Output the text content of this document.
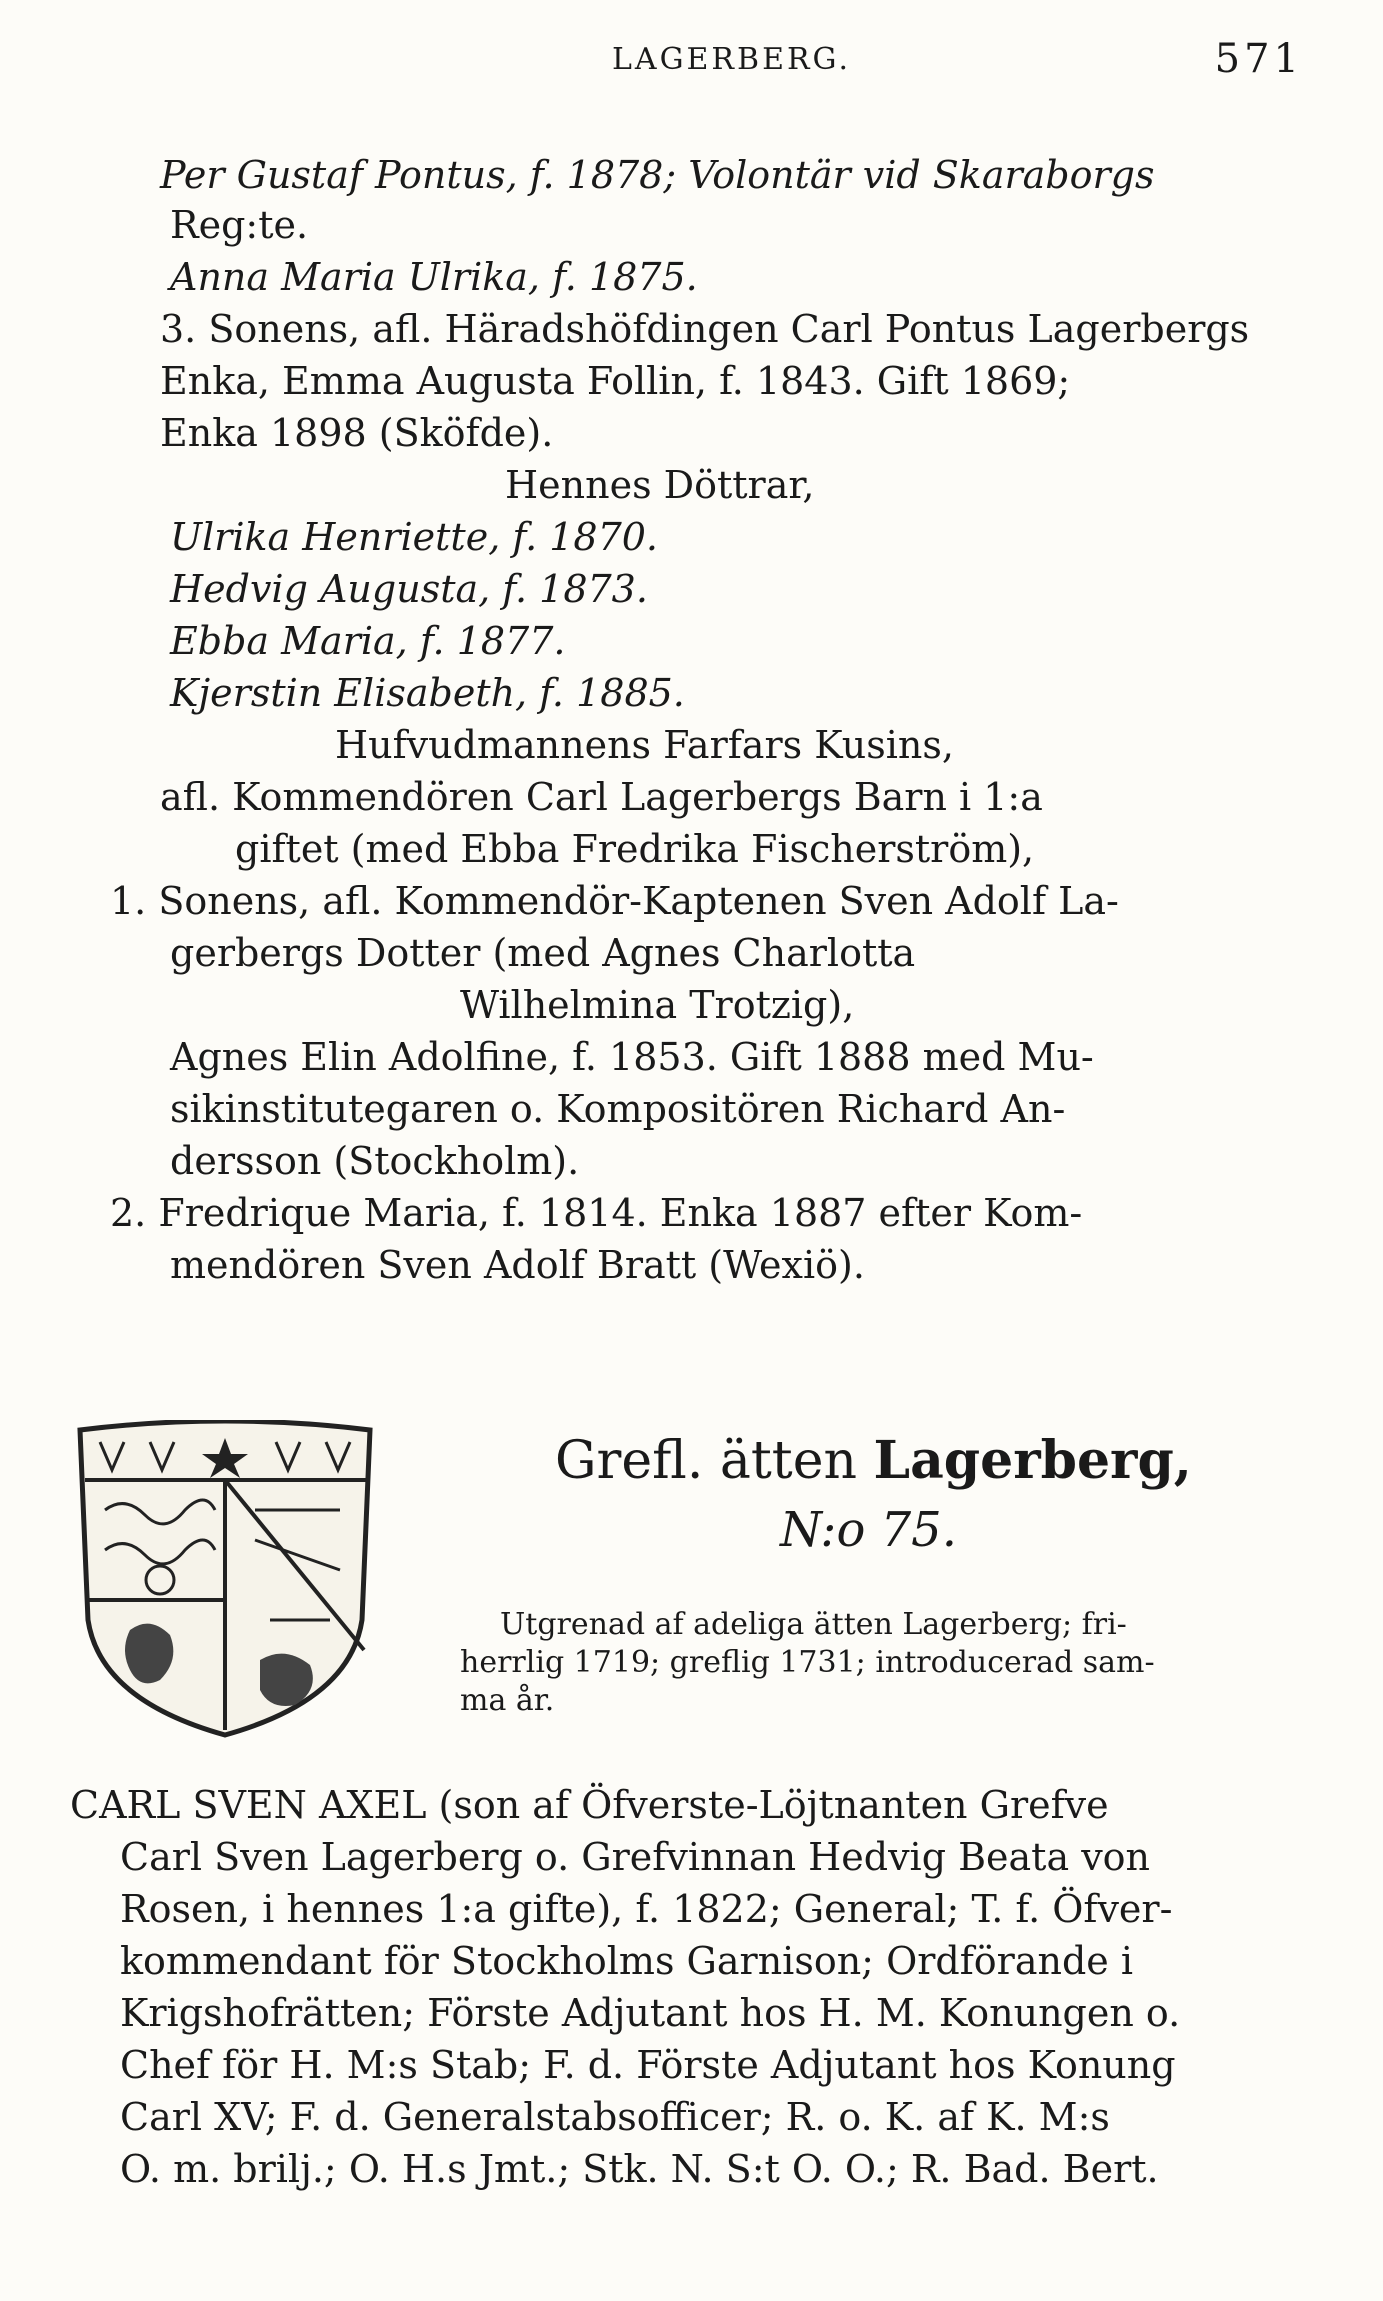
LAGERBERG.	571
Per Gustaf Pontus, f. 1878; Volontär vid Skaraborgs
Reg:te.
Anna Maria Ulrika, f. 1875.
3. Sonens, afl. Häradshöfdingen Carl Pontus Lagerbergs
Enka, Emma Augusta Follin, f. 1843. Gift 1869;
Enka 1898 (Sköfde).
Hennes Döttrar,
Ulrika Henriette, f. 1870.
Hedvig Augusta, f. 1873.
Ebba Maria, f. 1877.
Kjerstin Elisabeth, f. 1885.
Hufvudmannens Farfars Kusins,
afl. Kommendören Carl Lagerbergs Barn i 1:a
giftet (med Ebba Fredrika Fischerström),
1. Sonens, afl. Kommendör-Kaptenen Sven Adolf La-
gerbergs Dotter (med Agnes Charlotta
Wilhelmina Trotzig),
Agnes Elin Adolfine, f. 1853. Gift 1888 med Mu-
sikinstitutegaren o. Kompositören Richard An-
dersson (Stockholm).
2. Fredrique Maria, f. 1814. Enka 1887 efter Kom-
mendören Sven Adolf Bratt (Wexiö).
Grefl. ätten Lagerberg,
N:o 75.
Utgrenad af adeliga ätten Lagerberg; fri-
herrlig 1719; greflig 1731; introducerad sam-
ma år.
CARL SVEN AXEL (son af Öfverste-Löjtnanten Grefve
Carl Sven Lagerberg o. Grefvinnan Hedvig Beata von
Rosen, i hennes 1:a gifte), f. 1822; General; T. f. Öfver-
kommendant för Stockholms Garnison; Ordförande i
Krigshofrätten; Förste Adjutant hos H. M. Konungen o.
Chef för H. M:s Stab; F. d. Förste Adjutant hos Konung
Carl XV; F. d. Generalstabsofficer; R. o. K. af K. M:s
O. m. brilj.; O. H.s Jmt.; Stk. N. S:t O. O.; R. Bad. Bert.
